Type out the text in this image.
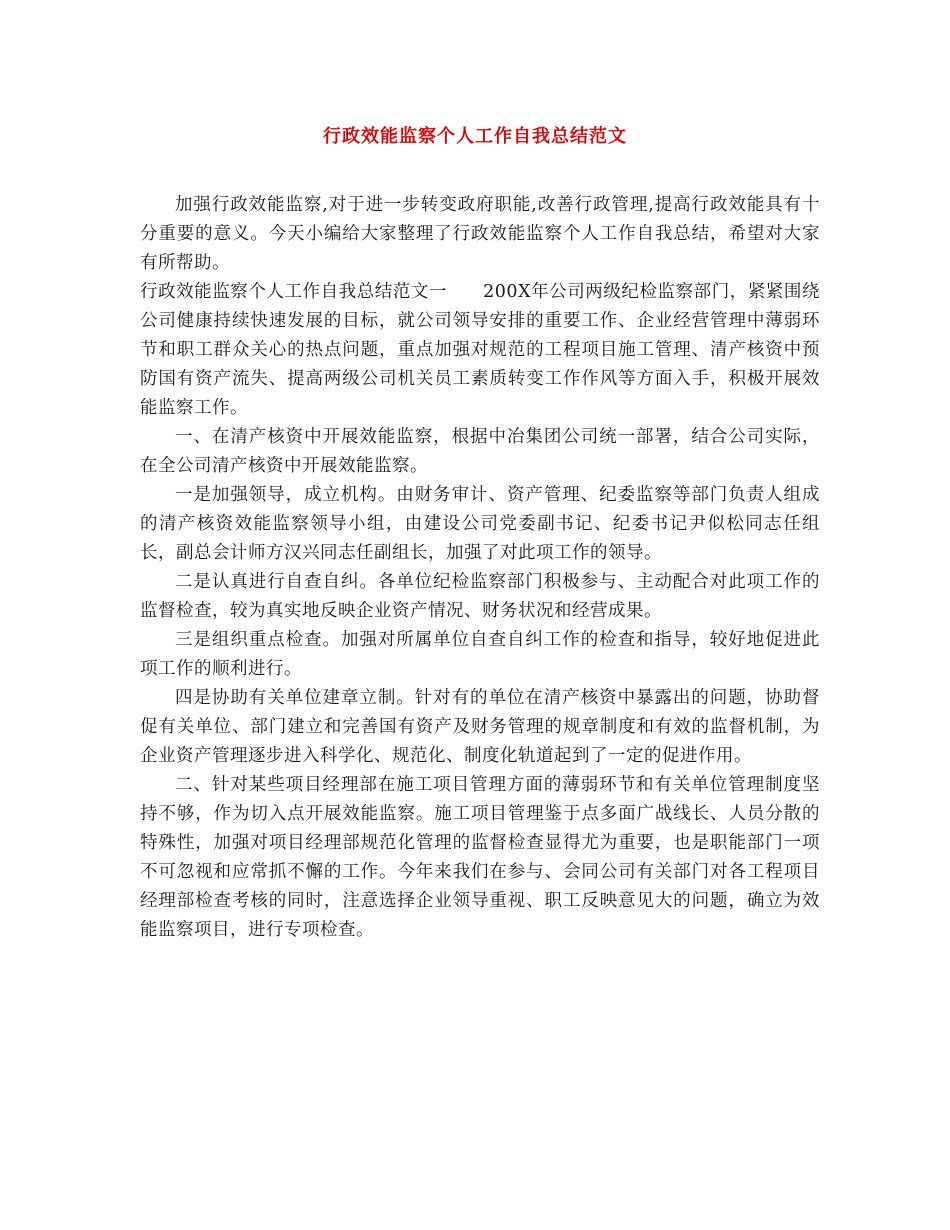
行政效能监察个人工作自我总结范文

加强行政效能监察,对于进一步转变政府职能,改善行政管理,提高行政效能具有十分重要的意义。今天小编给大家整理了行政效能监察个人工作自我总结，希望对大家有所帮助。

行政效能监察个人工作自我总结范文一　　200X年公司两级纪检监察部门，紧紧围绕公司健康持续快速发展的目标，就公司领导安排的重要工作、企业经营管理中薄弱环节和职工群众关心的热点问题，重点加强对规范的工程项目施工管理、清产核资中预防国有资产流失、提高两级公司机关员工素质转变工作作风等方面入手，积极开展效能监察工作。

一、在清产核资中开展效能监察，根据中冶集团公司统一部署，结合公司实际，在全公司清产核资中开展效能监察。

一是加强领导，成立机构。由财务审计、资产管理、纪委监察等部门负责人组成的清产核资效能监察领导小组，由建设公司党委副书记、纪委书记尹似松同志任组长，副总会计师方汉兴同志任副组长，加强了对此项工作的领导。

二是认真进行自查自纠。各单位纪检监察部门积极参与、主动配合对此项工作的监督检查，较为真实地反映企业资产情况、财务状况和经营成果。

三是组织重点检查。加强对所属单位自查自纠工作的检查和指导，较好地促进此项工作的顺利进行。

四是协助有关单位建章立制。针对有的单位在清产核资中暴露出的问题，协助督促有关单位、部门建立和完善国有资产及财务管理的规章制度和有效的监督机制，为企业资产管理逐步进入科学化、规范化、制度化轨道起到了一定的促进作用。

二、针对某些项目经理部在施工项目管理方面的薄弱环节和有关单位管理制度坚持不够，作为切入点开展效能监察。施工项目管理鉴于点多面广战线长、人员分散的特殊性，加强对项目经理部规范化管理的监督检查显得尤为重要，也是职能部门一项不可忽视和应常抓不懈的工作。今年来我们在参与、会同公司有关部门对各工程项目经理部检查考核的同时，注意选择企业领导重视、职工反映意见大的问题，确立为效能监察项目，进行专项检查。
